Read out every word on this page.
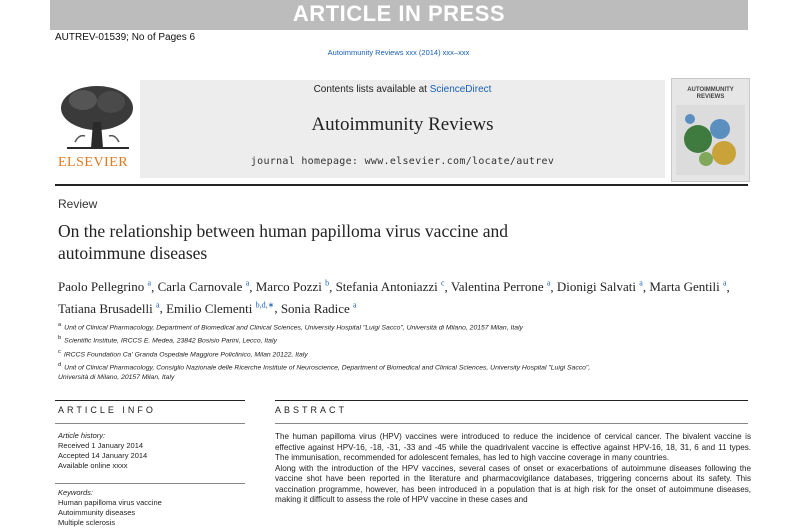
ARTICLE IN PRESS
AUTREV-01539; No of Pages 6
Autoimmunity Reviews xxx (2014) xxx–xxx
ELSEVIER
Contents lists available at ScienceDirect
Autoimmunity Reviews
journal homepage: www.elsevier.com/locate/autrev
AUTOIMMUNITY
REVIEWS
Review
On the relationship between human papilloma virus vaccine and
autoimmune diseases
Paolo Pellegrino $^a$, Carla Carnovale $^a$, Marco Pozzi $^b$, Stefania Antoniazzi $^c$, Valentina Perrone $^a$, Dionigi Salvati $^a$, Marta Gentili $^a$, Tatiana Brusadelli $^a$, Emilio Clementi $^{b,d,∗}$, Sonia Radice $^a$
$^a$ Unit of Clinical Pharmacology, Department of Biomedical and Clinical Sciences, University Hospital "Luigi Sacco", Università di Milano, 20157 Milan, Italy
$^b$ Scientific Institute, IRCCS E. Medea, 23842 Bosisio Parini, Lecco, Italy
$^c$ IRCCS Foundation Ca' Granda Ospedale Maggiore Policlinico, Milan 20122, Italy
$^d$ Unit of Clinical Pharmacology, Consiglio Nazionale delle Ricerche Institute of Neuroscience, Department of Biomedical and Clinical Sciences, University Hospital "Luigi Sacco",
Università di Milano, 20157 Milan, Italy
ARTICLE INFO	ABSTRACT
Article history:
Received 1 January 2014
Accepted 14 January 2014
Available online xxxx
Keywords:
Human papilloma virus vaccine
Autoimmunity diseases
Multiple sclerosis

The human papilloma virus (HPV) vaccines were introduced to reduce the incidence of cervical cancer. The bivalent vaccine is effective against HPV-16, -18, -31, -33 and -45 while the quadrivalent vaccine is effective against HPV-16, 18, 31, 6 and 11 types. The immunisation, recommended for adolescent females, has led to high vaccine coverage in many countries.

Along with the introduction of the HPV vaccines, several cases of onset or exacerbations of autoimmune diseases following the vaccine shot have been reported in the literature and pharmacovigilance databases, triggering concerns about its safety. This vaccination programme, however, has been introduced in a population that is at high risk for the onset of autoimmune diseases, making it difficult to assess the role of HPV vaccine in these cases and
